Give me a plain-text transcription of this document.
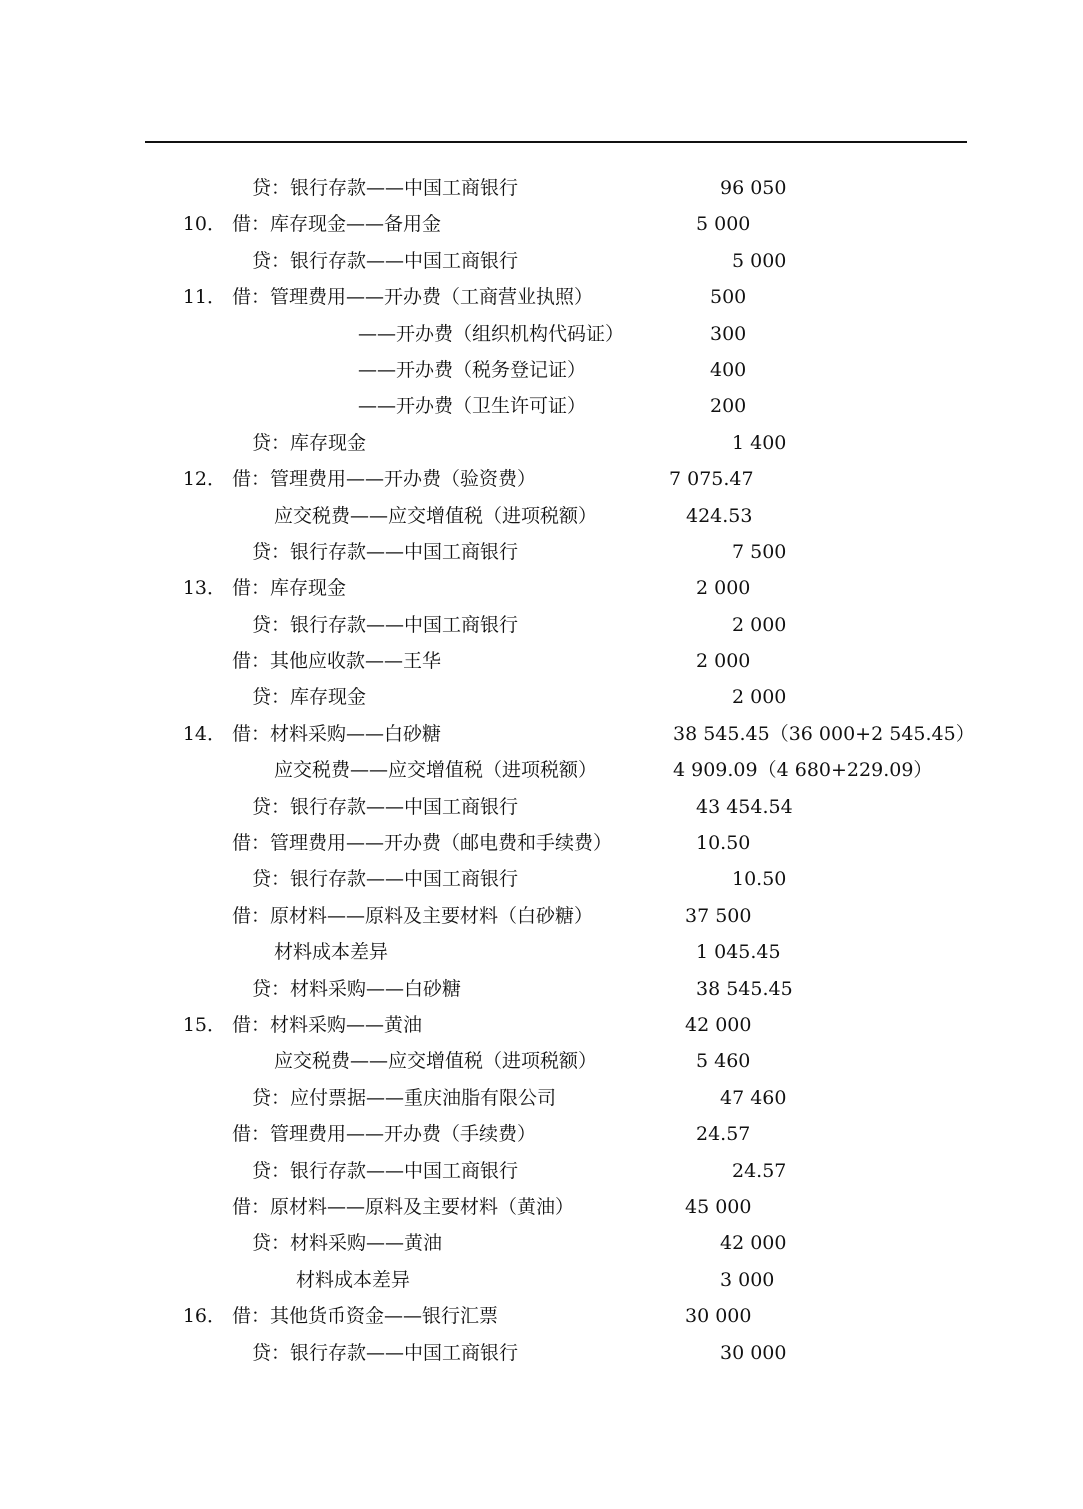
贷：银行存款——中国工商银行	96 050
10． 借：库存现金——备用金	5 000
贷：银行存款——中国工商银行	5 000
11． 借：管理费用——开办费（工商营业执照）	500
——开办费（组织机构代码证）	300
——开办费（税务登记证）	400
——开办费（卫生许可证）	200
贷：库存现金	1 400
12． 借：管理费用——开办费（验资费）	7 075.47
应交税费——应交增值税（进项税额）	424.53
贷：银行存款——中国工商银行	7 500
13． 借：库存现金	2 000
贷：银行存款——中国工商银行	2 000
借：其他应收款——王华	2 000
贷：库存现金	2 000
14． 借：材料采购——白砂糖	38 545.45（36 000+2 545.45）
应交税费——应交增值税（进项税额）	4 909.09（4 680+229.09）
贷：银行存款——中国工商银行	43 454.54
借：管理费用——开办费（邮电费和手续费）	10.50
贷：银行存款——中国工商银行	10.50
借：原材料——原料及主要材料（白砂糖）	37 500
材料成本差异	1 045.45
贷：材料采购——白砂糖	38 545.45
15． 借：材料采购——黄油	42 000
应交税费——应交增值税（进项税额）	5 460
贷：应付票据——重庆油脂有限公司	47 460
借：管理费用——开办费（手续费）	24.57
贷：银行存款——中国工商银行	24.57
借：原材料——原料及主要材料（黄油）	45 000
贷：材料采购——黄油	42 000
材料成本差异	3 000
16． 借：其他货币资金——银行汇票	30 000
贷：银行存款——中国工商银行	30 000
